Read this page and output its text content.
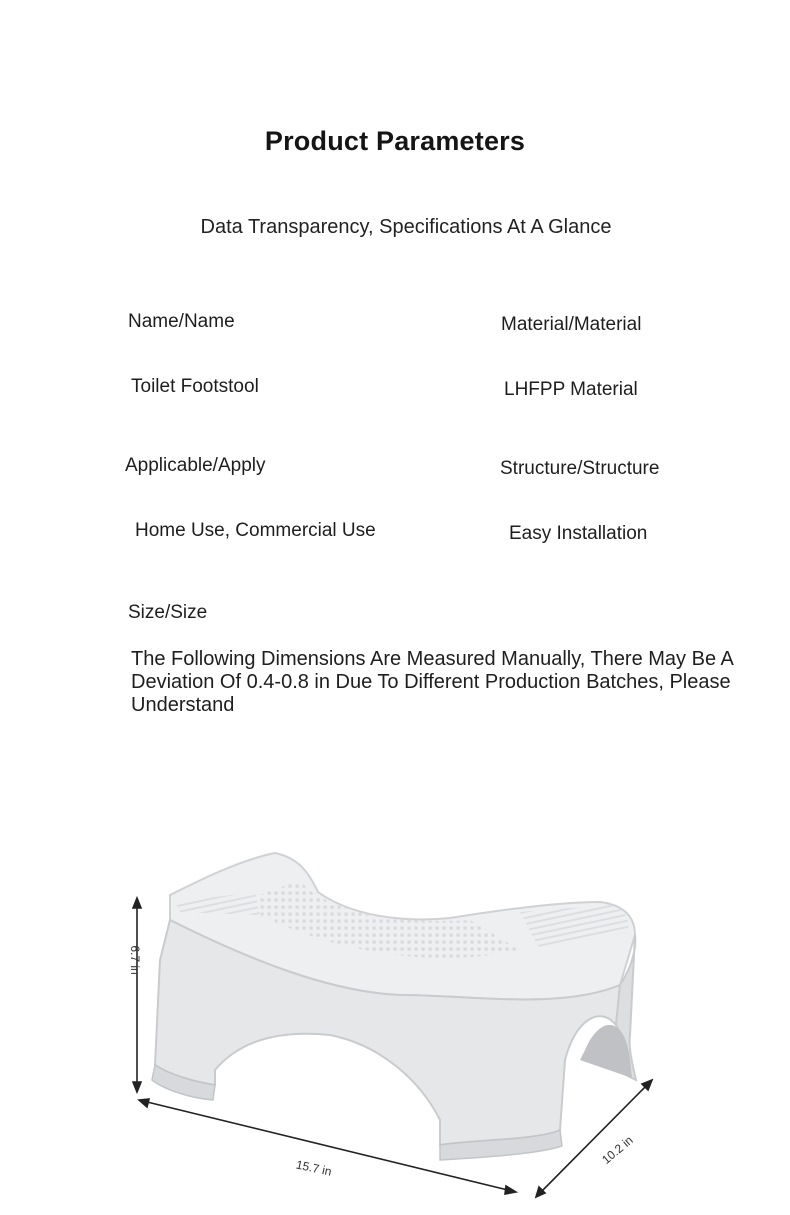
Product Parameters
Data Transparency, Specifications At A Glance
Name/Name
Toilet Footstool
Material/Material
LHFPP Material
Applicable/Apply
Home Use, Commercial Use
Structure/Structure
Easy Installation
Size/Size
The Following Dimensions Are Measured Manually, There May Be A Deviation Of 0.4-0.8 in Due To Different Production Batches, Please Understand
6.7 in
15.7 in
10.2 in
